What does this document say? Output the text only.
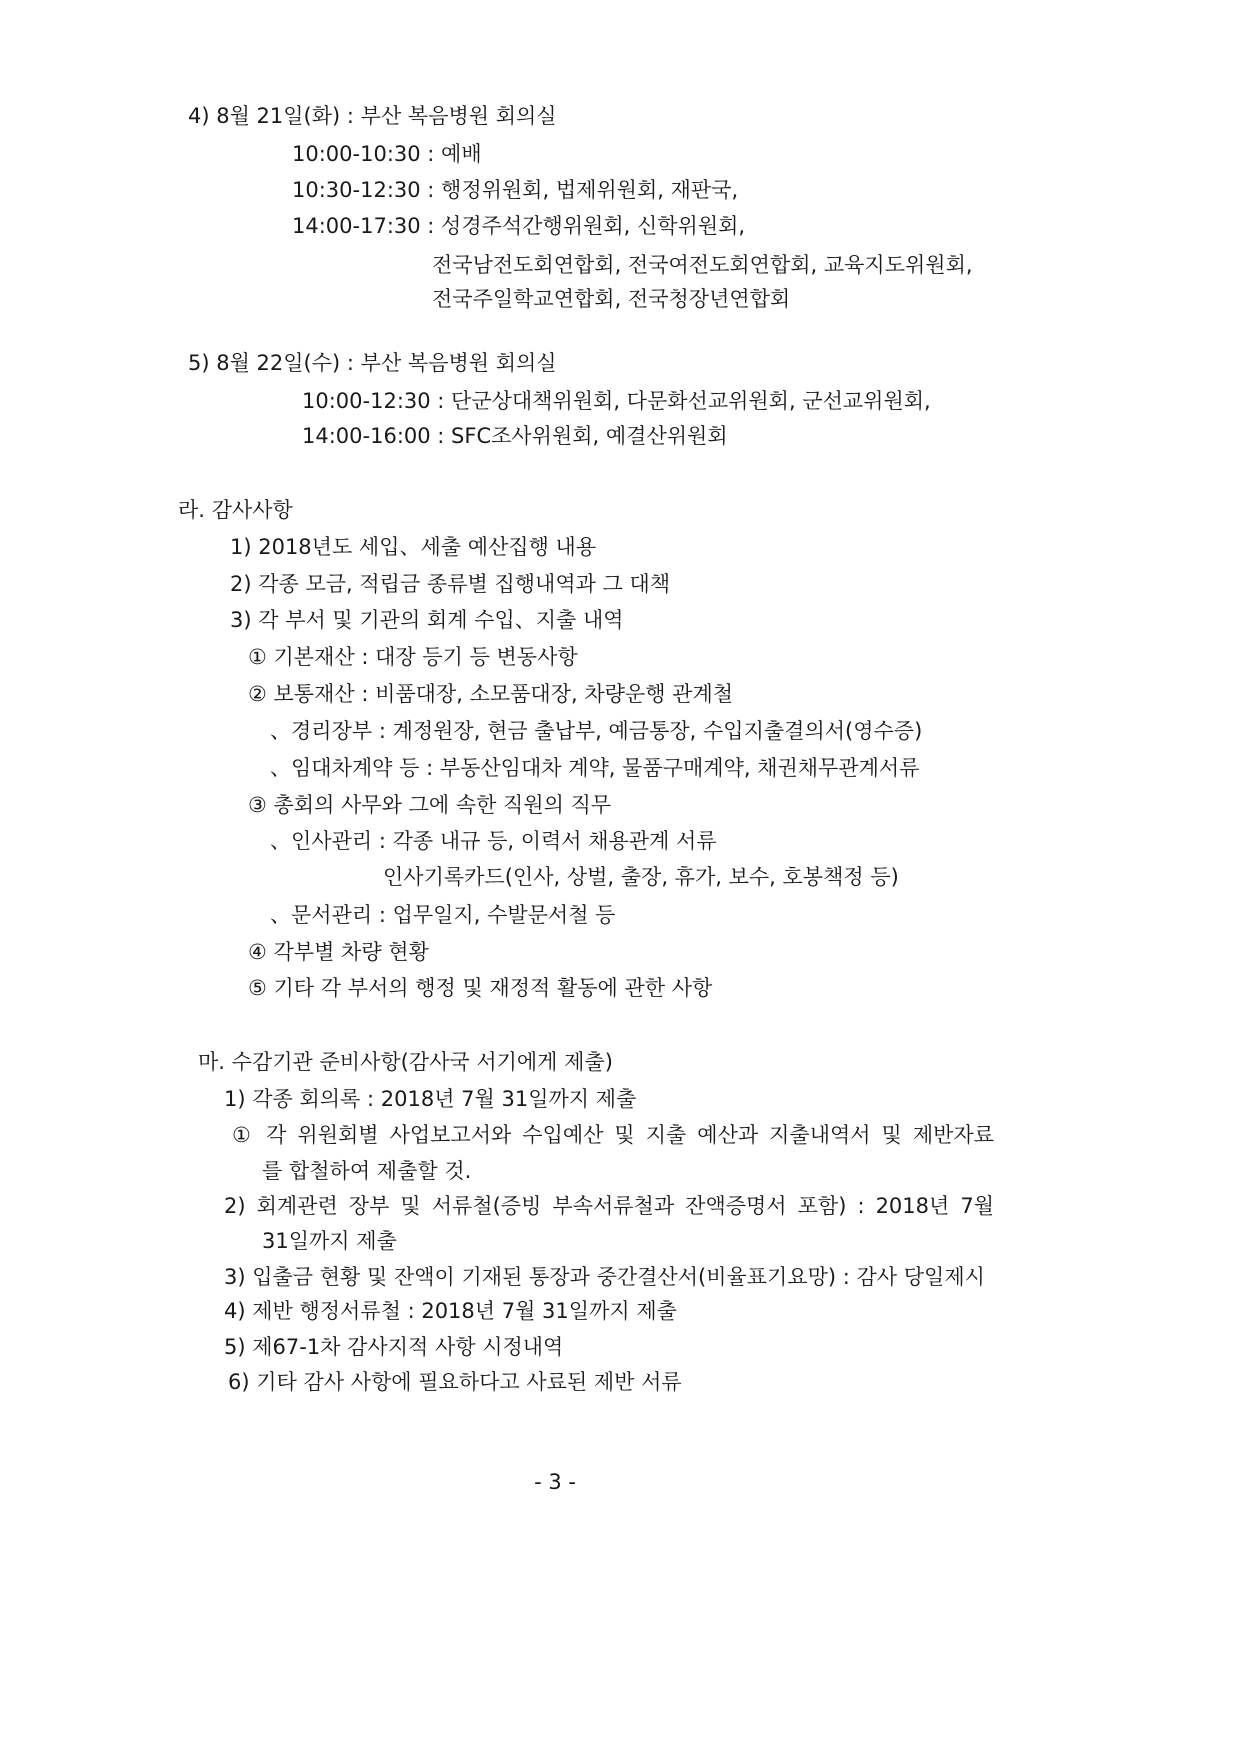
4) 8월 21일(화) : 부산 복음병원 회의실
10:00-10:30 : 예배
10:30-12:30 : 행정위원회, 법제위원회, 재판국,
14:00-17:30 : 성경주석간행위원회, 신학위원회,
전국남전도회연합회, 전국여전도회연합회, 교육지도위원회,
전국주일학교연합회, 전국청장년연합회
5) 8월 22일(수) : 부산 복음병원 회의실
10:00-12:30 : 단군상대책위원회, 다문화선교위원회, 군선교위원회,
14:00-16:00 : SFC조사위원회, 예결산위원회
라. 감사사항
1) 2018년도 세입、세출 예산집행 내용
2) 각종 모금, 적립금 종류별 집행내역과 그 대책
3) 각 부서 및 기관의 회계 수입、지출 내역
① 기본재산 : 대장 등기 등 변동사항
② 보통재산 : 비품대장, 소모품대장, 차량운행 관계철
、경리장부 : 계정원장, 현금 출납부, 예금통장, 수입지출결의서(영수증)
、임대차계약 등 : 부동산임대차 계약, 물품구매계약, 채권채무관계서류
③ 총회의 사무와 그에 속한 직원의 직무
、인사관리 : 각종 내규 등, 이력서 채용관계 서류
인사기록카드(인사, 상벌, 출장, 휴가, 보수, 호봉책정 등)
、문서관리 : 업무일지, 수발문서철 등
④ 각부별 차량 현황
⑤ 기타 각 부서의 행정 및 재정적 활동에 관한 사항
마. 수감기관 준비사항(감사국 서기에게 제출)
1) 각종 회의록 : 2018년 7월 31일까지 제출
① 각 위원회별 사업보고서와 수입예산 및 지출 예산과 지출내역서 및 제반자료
를 합철하여 제출할 것.
2) 회계관련 장부 및 서류철(증빙 부속서류철과 잔액증명서 포함) : 2018년 7월
31일까지 제출
3) 입출금 현황 및 잔액이 기재된 통장과 중간결산서(비율표기요망) : 감사 당일제시
4) 제반 행정서류철 : 2018년 7월 31일까지 제출
5) 제67-1차 감사지적 사항 시정내역
6) 기타 감사 사항에 필요하다고 사료된 제반 서류
- 3 -
